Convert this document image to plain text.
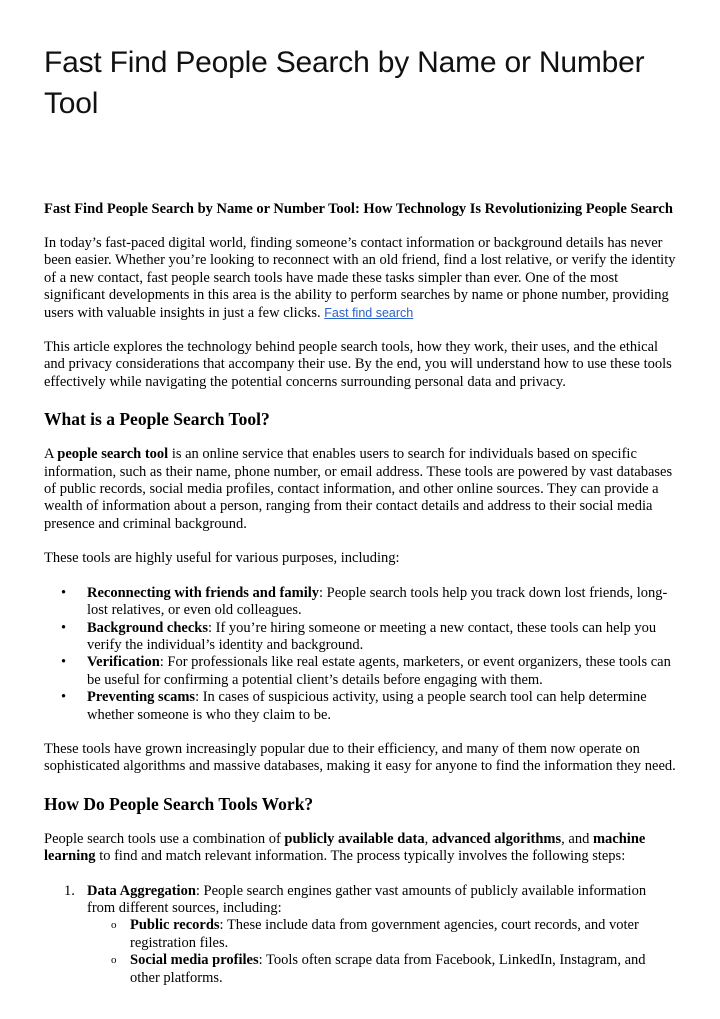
Fast Find People Search by Name or Number Tool
Fast Find People Search by Name or Number Tool: How Technology Is Revolutionizing People Search

In today’s fast-paced digital world, finding someone’s contact information or background details has never been easier. Whether you’re looking to reconnect with an old friend, find a lost relative, or verify the identity of a new contact, fast people search tools have made these tasks simpler than ever. One of the most significant developments in this area is the ability to perform searches by name or phone number, providing users with valuable insights in just a few clicks. Fast find search

This article explores the technology behind people search tools, how they work, their uses, and the ethical and privacy considerations that accompany their use. By the end, you will understand how to use these tools effectively while navigating the potential concerns surrounding personal data and privacy.

What is a People Search Tool?

A people search tool is an online service that enables users to search for individuals based on specific information, such as their name, phone number, or email address. These tools are powered by vast databases of public records, social media profiles, contact information, and other online sources. They can provide a wealth of information about a person, ranging from their contact details and address to their social media presence and criminal background.

These tools are highly useful for various purposes, including:

• Reconnecting with friends and family: People search tools help you track down lost friends, long-lost relatives, or even old colleagues.
• Background checks: If you’re hiring someone or meeting a new contact, these tools can help you verify the individual’s identity and background.
• Verification: For professionals like real estate agents, marketers, or event organizers, these tools can be useful for confirming a potential client’s details before engaging with them.
• Preventing scams: In cases of suspicious activity, using a people search tool can help determine whether someone is who they claim to be.

These tools have grown increasingly popular due to their efficiency, and many of them now operate on sophisticated algorithms and massive databases, making it easy for anyone to find the information they need.

How Do People Search Tools Work?

People search tools use a combination of publicly available data, advanced algorithms, and machine learning to find and match relevant information. The process typically involves the following steps:

1. Data Aggregation: People search engines gather vast amounts of publicly available information from different sources, including:
o Public records: These include data from government agencies, court records, and voter registration files.
o Social media profiles: Tools often scrape data from Facebook, LinkedIn, Instagram, and other platforms.
